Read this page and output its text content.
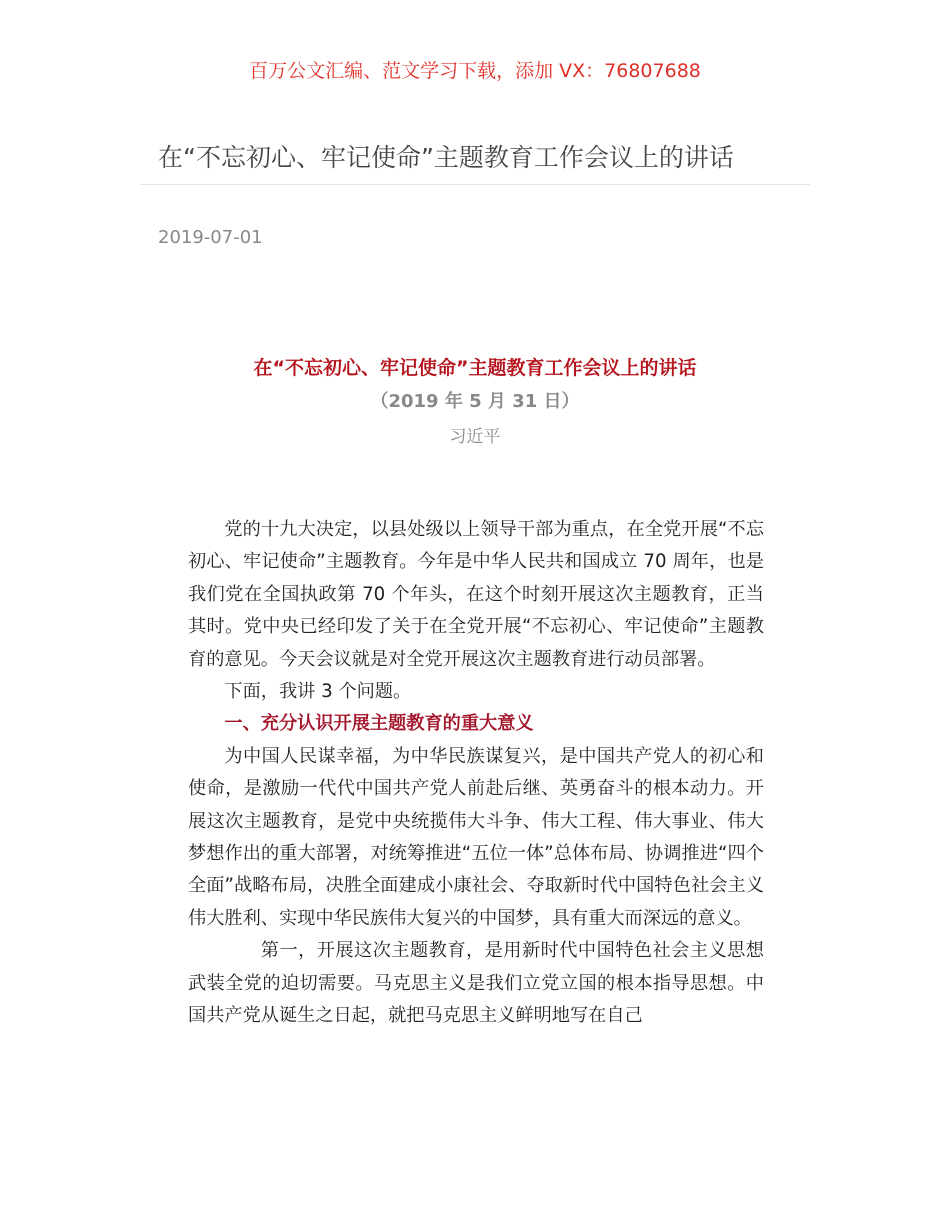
百万公文汇编、范文学习下载，添加 VX：76807688
在“不忘初心、牢记使命”主题教育工作会议上的讲话
2019-07-01
在“不忘初心、牢记使命”主题教育工作会议上的讲话
（2019 年 5 月 31 日）
习近平

党的十九大决定，以县处级以上领导干部为重点，在全党开展“不忘初心、牢记使命”主题教育。今年是中华人民共和国成立 70 周年，也是我们党在全国执政第 70 个年头，在这个时刻开展这次主题教育，正当其时。党中央已经印发了关于在全党开展“不忘初心、牢记使命”主题教育的意见。今天会议就是对全党开展这次主题教育进行动员部署。

下面，我讲 3 个问题。

一、充分认识开展主题教育的重大意义

为中国人民谋幸福，为中华民族谋复兴，是中国共产党人的初心和使命，是激励一代代中国共产党人前赴后继、英勇奋斗的根本动力。开展这次主题教育，是党中央统揽伟大斗争、伟大工程、伟大事业、伟大梦想作出的重大部署，对统筹推进“五位一体”总体布局、协调推进“四个全面”战略布局，决胜全面建成小康社会、夺取新时代中国特色社会主义伟大胜利、实现中华民族伟大复兴的中国梦，具有重大而深远的意义。

第一，开展这次主题教育，是用新时代中国特色社会主义思想武装全党的迫切需要。马克思主义是我们立党立国的根本指导思想。中国共产党从诞生之日起，就把马克思主义鲜明地写在自己
